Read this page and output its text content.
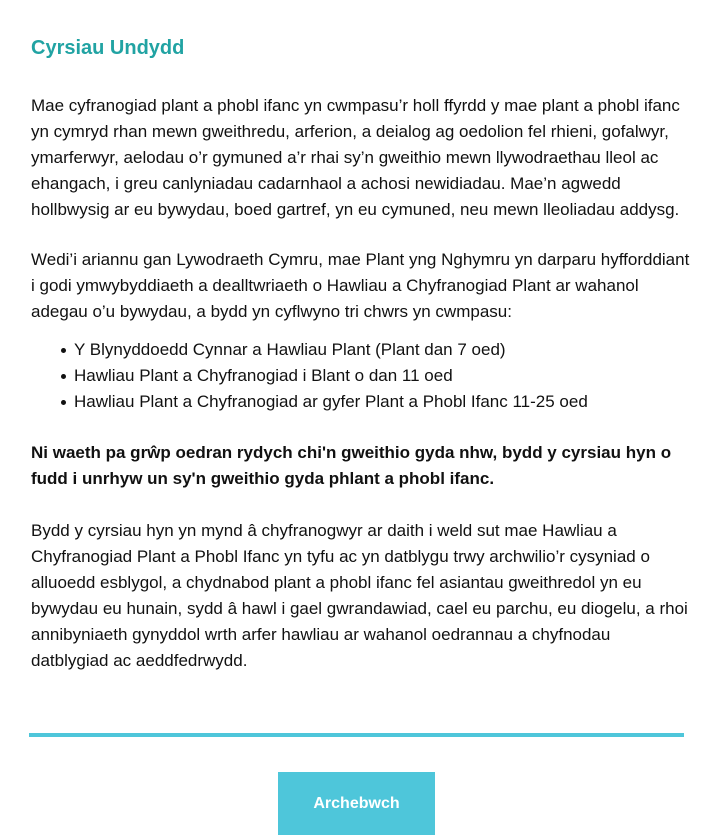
Cyrsiau Undydd

Mae cyfranogiad plant a phobl ifanc yn cwmpasu’r holl ffyrdd y mae plant a phobl ifanc yn cymryd rhan mewn gweithredu, arferion, a deialog ag oedolion fel rhieni, gofalwyr, ymarferwyr, aelodau o’r gymuned a’r rhai sy’n gweithio mewn llywodraethau lleol ac ehangach, i greu canlyniadau cadarnhaol a achosi newidiadau. Mae’n agwedd hollbwysig ar eu bywydau, boed gartref, yn eu cymuned, neu mewn lleoliadau addysg.

Wedi’i ariannu gan Lywodraeth Cymru, mae Plant yng Nghymru yn darparu hyfforddiant i godi ymwybyddiaeth a dealltwriaeth o Hawliau a Chyfranogiad Plant ar wahanol adegau o’u bywydau, a bydd yn cyflwyno tri chwrs yn cwmpasu:

Y Blynyddoedd Cynnar a Hawliau Plant (Plant dan 7 oed)
Hawliau Plant a Chyfranogiad i Blant o dan 11 oed
Hawliau Plant a Chyfranogiad ar gyfer Plant a Phobl Ifanc 11-25 oed

Ni waeth pa grŵp oedran rydych chi'n gweithio gyda nhw, bydd y cyrsiau hyn o fudd i unrhyw un sy'n gweithio gyda phlant a phobl ifanc.

Bydd y cyrsiau hyn yn mynd â chyfranogwyr ar daith i weld sut mae Hawliau a Chyfranogiad Plant a Phobl Ifanc yn tyfu ac yn datblygu trwy archwilio’r cysyniad o alluoedd esblygol, a chydnabod plant a phobl ifanc fel asiantau gweithredol yn eu bywydau eu hunain, sydd â hawl i gael gwrandawiad, cael eu parchu, eu diogelu, a rhoi annibyniaeth gynyddol wrth arfer hawliau ar wahanol oedrannau a chyfnodau datblygiad ac aeddfedrwydd.

Archebwch
